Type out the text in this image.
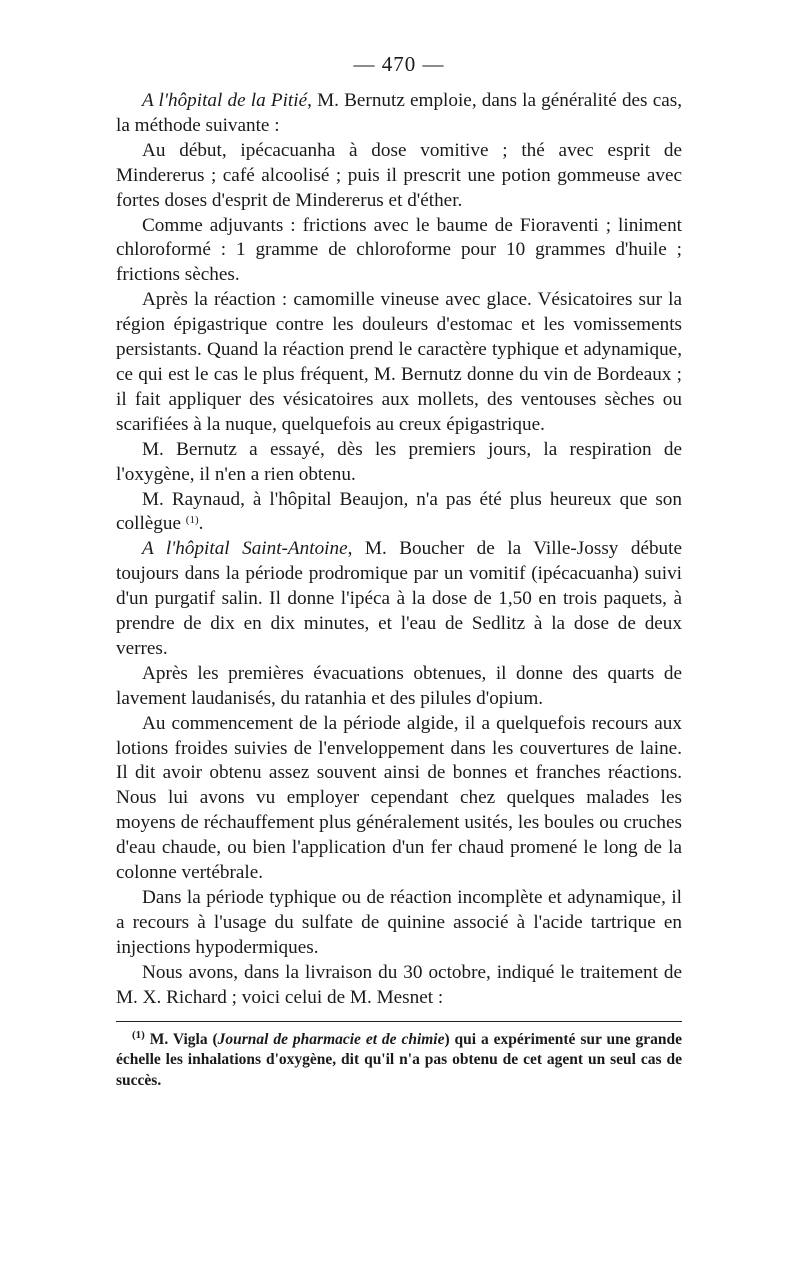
— 470 —

A l'hôpital de la Pitié, M. Bernutz emploie, dans la généralité des cas, la méthode suivante :

Au début, ipécacuanha à dose vomitive ; thé avec esprit de Mindererus ; café alcoolisé ; puis il prescrit une potion gommeuse avec fortes doses d'esprit de Mindererus et d'éther.

Comme adjuvants : frictions avec le baume de Fioraventi ; liniment chloroformé : 1 gramme de chloroforme pour 10 grammes d'huile ; frictions sèches.

Après la réaction : camomille vineuse avec glace. Vésicatoires sur la région épigastrique contre les douleurs d'estomac et les vomissements persistants. Quand la réaction prend le caractère typhique et adynamique, ce qui est le cas le plus fréquent, M. Bernutz donne du vin de Bordeaux ; il fait appliquer des vésicatoires aux mollets, des ventouses sèches ou scarifiées à la nuque, quelquefois au creux épigastrique.

M. Bernutz a essayé, dès les premiers jours, la respiration de l'oxygène, il n'en a rien obtenu.

M. Raynaud, à l'hôpital Beaujon, n'a pas été plus heureux que son collègue $^{(1)}$.

A l'hôpital Saint-Antoine, M. Boucher de la Ville-Jossy débute toujours dans la période prodromique par un vomitif (ipécacuanha) suivi d'un purgatif salin. Il donne l'ipéca à la dose de 1,50 en trois paquets, à prendre de dix en dix minutes, et l'eau de Sedlitz à la dose de deux verres.

Après les premières évacuations obtenues, il donne des quarts de lavement laudanisés, du ratanhia et des pilules d'opium.

Au commencement de la période algide, il a quelquefois recours aux lotions froides suivies de l'enveloppement dans les couvertures de laine. Il dit avoir obtenu assez souvent ainsi de bonnes et franches réactions. Nous lui avons vu employer cependant chez quelques malades les moyens de réchauffement plus généralement usités, les boules ou cruches d'eau chaude, ou bien l'application d'un fer chaud promené le long de la colonne vertébrale.

Dans la période typhique ou de réaction incomplète et adynamique, il a recours à l'usage du sulfate de quinine associé à l'acide tartrique en injections hypodermiques.

Nous avons, dans la livraison du 30 octobre, indiqué le traitement de M. X. Richard ; voici celui de M. Mesnet :

$^{(1)}$ M. Vigla (Journal de pharmacie et de chimie) qui a expérimenté sur une grande échelle les inhalations d'oxygène, dit qu'il n'a pas obtenu de cet agent un seul cas de succès.
